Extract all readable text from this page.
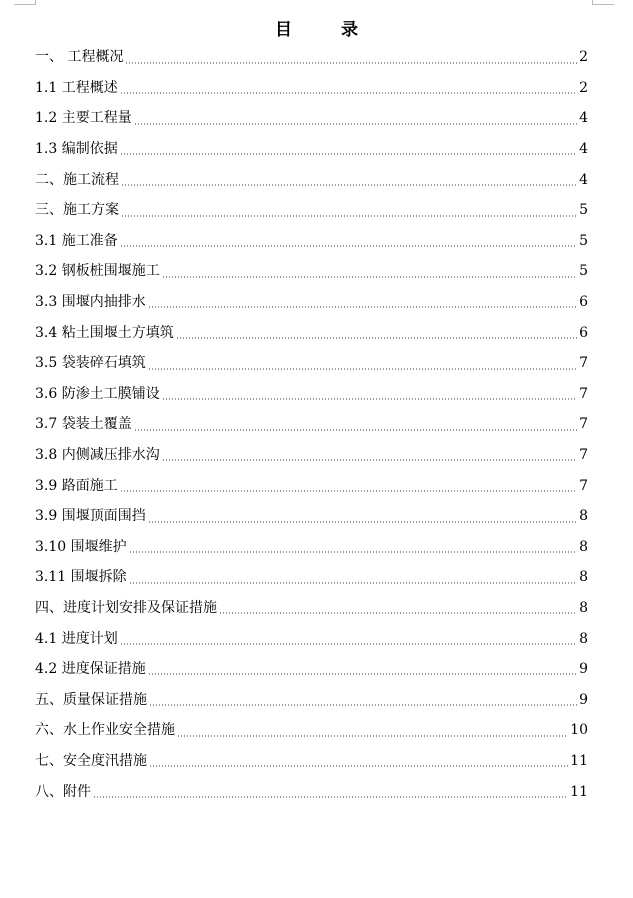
目　录
一、 工程概况	2
1.1 工程概述	2
1.2 主要工程量	4
1.3 编制依据	4
二、施工流程	4
三、施工方案	5
3.1 施工准备	5
3.2 钢板桩围堰施工	5
3.3 围堰内抽排水	6
3.4 粘土围堰土方填筑	6
3.5 袋装碎石填筑	7
3.6 防渗土工膜铺设	7
3.7 袋装土覆盖	7
3.8 内侧减压排水沟	7
3.9 路面施工	7
3.9 围堰顶面围挡	8
3.10 围堰维护	8
3.11 围堰拆除	8
四、进度计划安排及保证措施	8
4.1 进度计划	8
4.2 进度保证措施	9
五、质量保证措施	9
六、水上作业安全措施	10
七、安全度汛措施	11
八、附件	11
